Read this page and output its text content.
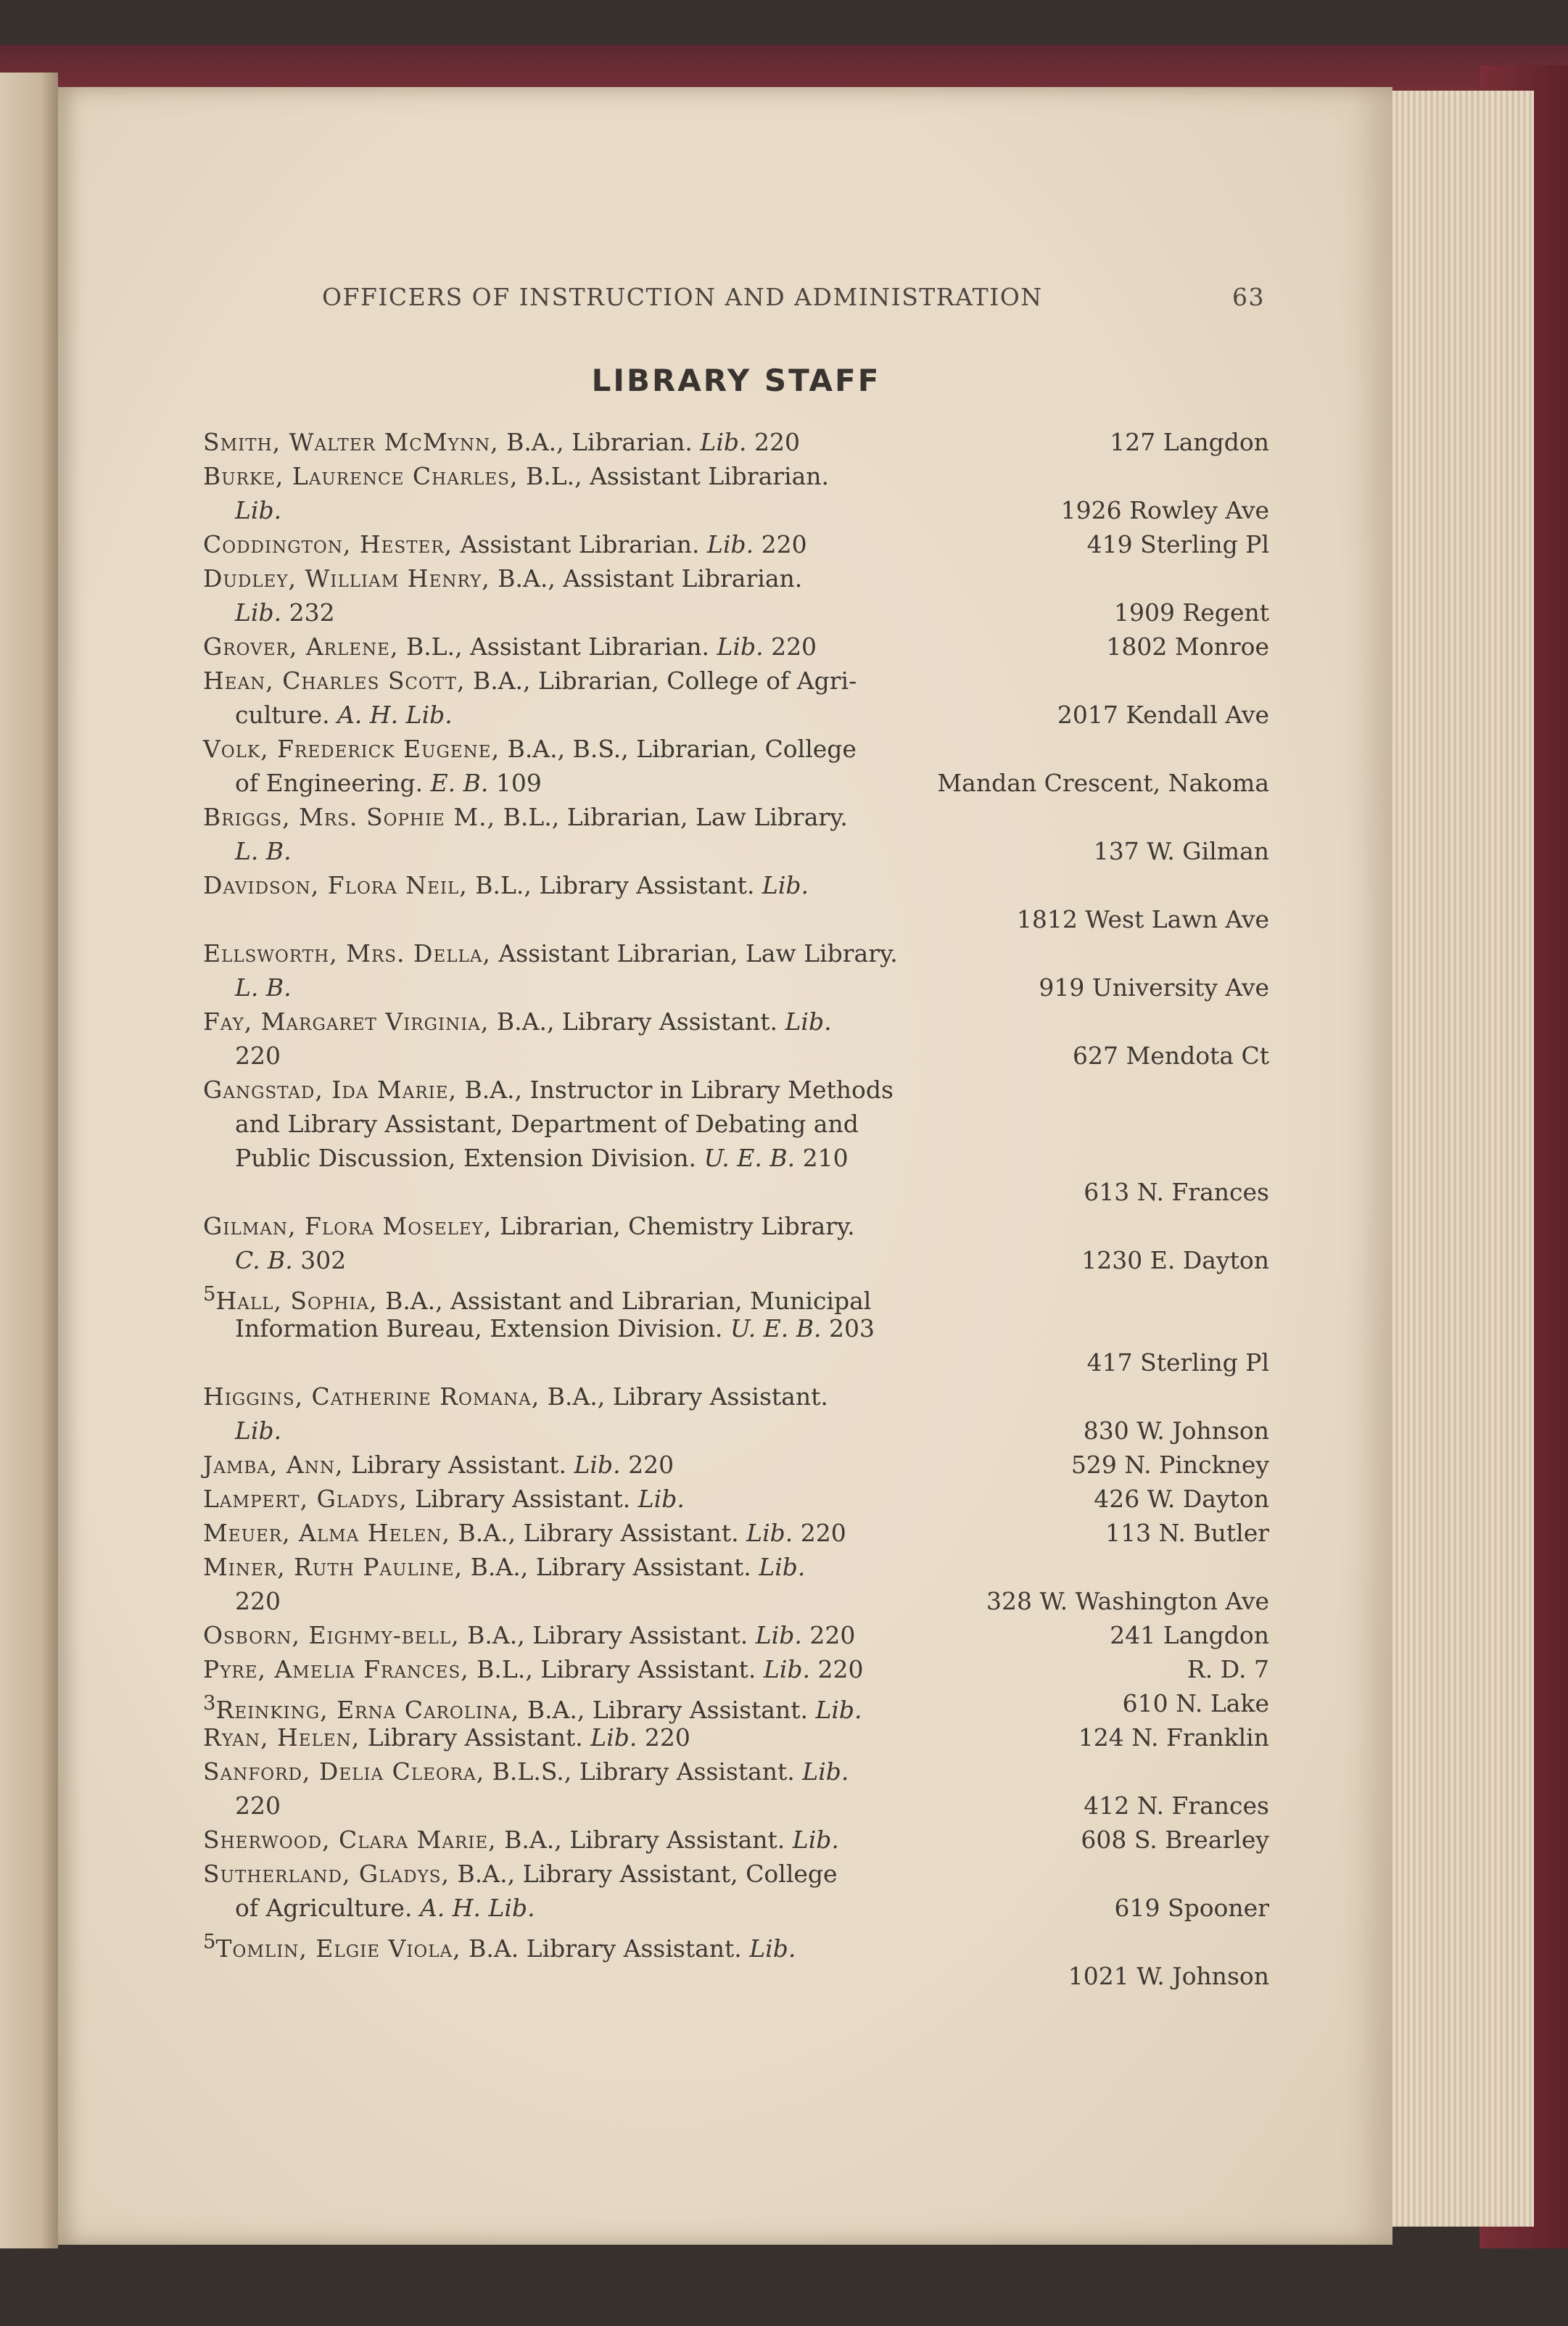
OFFICERS OF INSTRUCTION AND ADMINISTRATION	63
LIBRARY STAFF
Smith, Walter McMynn, B.A., Librarian. Lib. 220	127 Langdon
Burke, Laurence Charles, B.L., Assistant Librarian.
Lib.	1926 Rowley Ave
Coddington, Hester, Assistant Librarian. Lib. 220	419 Sterling Pl
Dudley, William Henry, B.A., Assistant Librarian.
Lib. 232	1909 Regent
Grover, Arlene, B.L., Assistant Librarian. Lib. 220	1802 Monroe
Hean, Charles Scott, B.A., Librarian, College of Agri-
culture. A. H. Lib.	2017 Kendall Ave
Volk, Frederick Eugene, B.A., B.S., Librarian, College
of Engineering. E. B. 109	Mandan Crescent, Nakoma
Briggs, Mrs. Sophie M., B.L., Librarian, Law Library.
L. B.	137 W. Gilman
Davidson, Flora Neil, B.L., Library Assistant. Lib.
1812 West Lawn Ave
Ellsworth, Mrs. Della, Assistant Librarian, Law Library.
L. B.	919 University Ave
Fay, Margaret Virginia, B.A., Library Assistant. Lib.
220	627 Mendota Ct
Gangstad, Ida Marie, B.A., Instructor in Library Methods
and Library Assistant, Department of Debating and
Public Discussion, Extension Division. U. E. B. 210
613 N. Frances
Gilman, Flora Moseley, Librarian, Chemistry Library.
C. B. 302	1230 E. Dayton
$^5$Hall, Sophia, B.A., Assistant and Librarian, Municipal
Information Bureau, Extension Division. U. E. B. 203
417 Sterling Pl
Higgins, Catherine Romana, B.A., Library Assistant.
Lib.	830 W. Johnson
Jamba, Ann, Library Assistant. Lib. 220	529 N. Pinckney
Lampert, Gladys, Library Assistant. Lib.	426 W. Dayton
Meuer, Alma Helen, B.A., Library Assistant. Lib. 220	113 N. Butler
Miner, Ruth Pauline, B.A., Library Assistant. Lib.
220	328 W. Washington Ave
Osborn, Eighmy-bell, B.A., Library Assistant. Lib. 220	241 Langdon
Pyre, Amelia Frances, B.L., Library Assistant. Lib. 220	R. D. 7
$^3$Reinking, Erna Carolina, B.A., Library Assistant. Lib.	610 N. Lake
Ryan, Helen, Library Assistant. Lib. 220	124 N. Franklin
Sanford, Delia Cleora, B.L.S., Library Assistant. Lib.
220	412 N. Frances
Sherwood, Clara Marie, B.A., Library Assistant. Lib.	608 S. Brearley
Sutherland, Gladys, B.A., Library Assistant, College
of Agriculture. A. H. Lib.	619 Spooner
$^5$Tomlin, Elgie Viola, B.A. Library Assistant. Lib.
1021 W. Johnson
